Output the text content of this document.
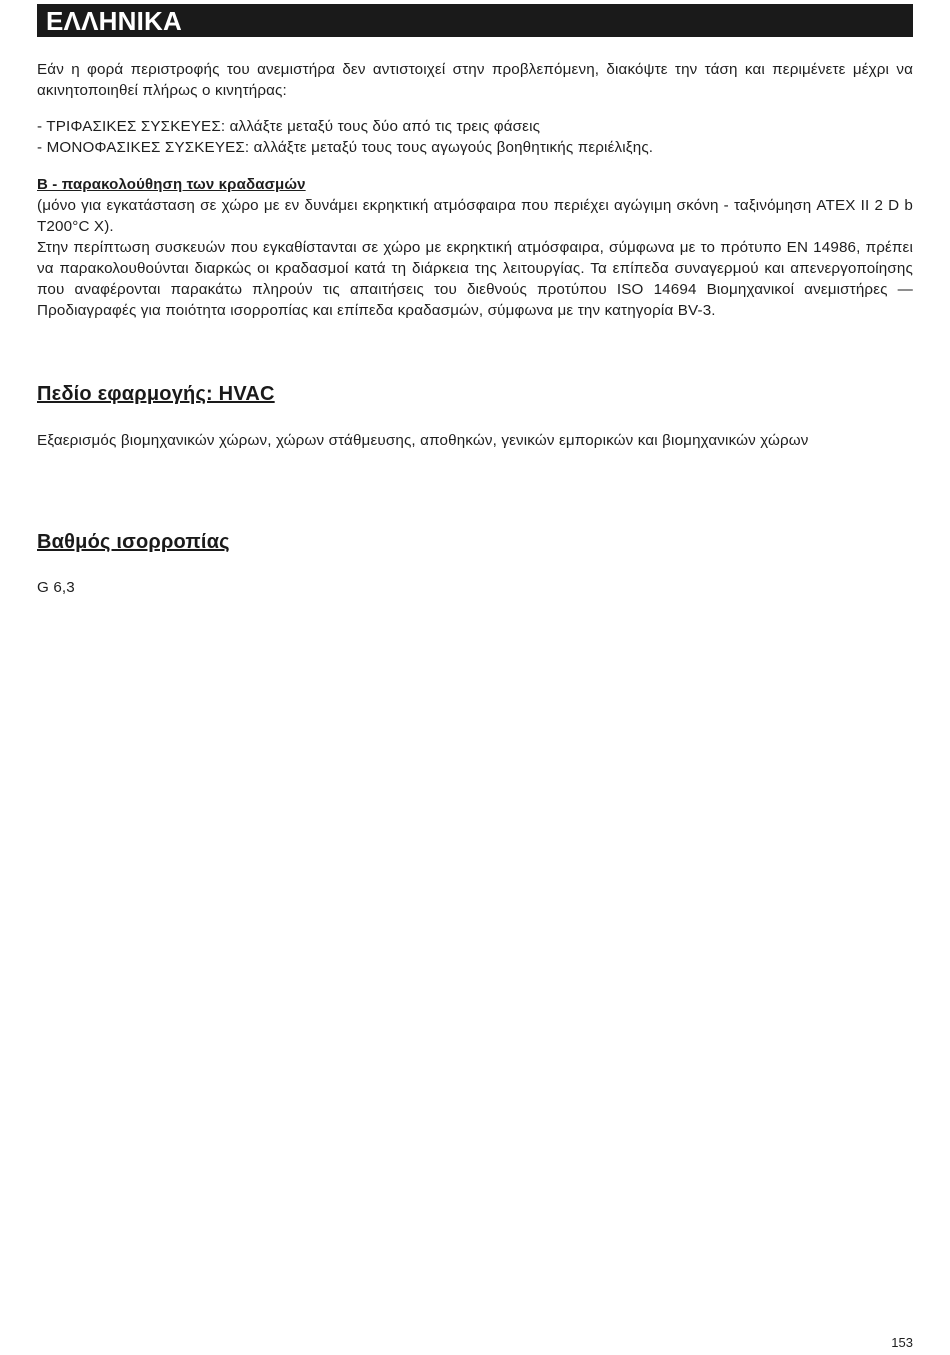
ΕΛΛΗΝΙΚΑ
Εάν η φορά περιστροφής του ανεμιστήρα δεν αντιστοιχεί στην προβλεπόμενη, διακόψτε την τάση και περιμένετε μέχρι να ακινητοποιηθεί πλήρως ο κινητήρας:
- ΤΡΙΦΑΣΙΚΕΣ ΣΥΣΚΕΥΕΣ: αλλάξτε μεταξύ τους δύο από τις τρεις φάσεις
- ΜΟΝΟΦΑΣΙΚΕΣ ΣΥΣΚΕΥΕΣ: αλλάξτε μεταξύ τους τους αγωγούς βοηθητικής περιέλιξης.
B - παρακολούθηση των κραδασμών
(μόνο για εγκατάσταση σε χώρο με εν δυνάμει εκρηκτική ατμόσφαιρα που περιέχει αγώγιμη σκόνη - ταξινόμηση ATEX II 2 D b T200°C X).
Στην περίπτωση συσκευών που εγκαθίστανται σε χώρο με εκρηκτική ατμόσφαιρα, σύμφωνα με το πρότυπο EN 14986, πρέπει να παρακολουθούνται διαρκώς οι κραδασμοί κατά τη διάρκεια της λειτουργίας. Τα επίπεδα συναγερμού και απενεργοποίησης που αναφέρονται παρακάτω πληρούν τις απαιτήσεις του διεθνούς προτύπου ISO 14694 Βιομηχανικοί ανεμιστήρες — Προδιαγραφές για ποιότητα ισορροπίας και επίπεδα κραδασμών, σύμφωνα με την κατηγορία BV-3.
Πεδίο εφαρμογής: HVAC
Εξαερισμός βιομηχανικών χώρων, χώρων στάθμευσης, αποθηκών, γενικών εμπορικών και βιομηχανικών χώρων
Βαθμός ισορροπίας
G 6,3
153
